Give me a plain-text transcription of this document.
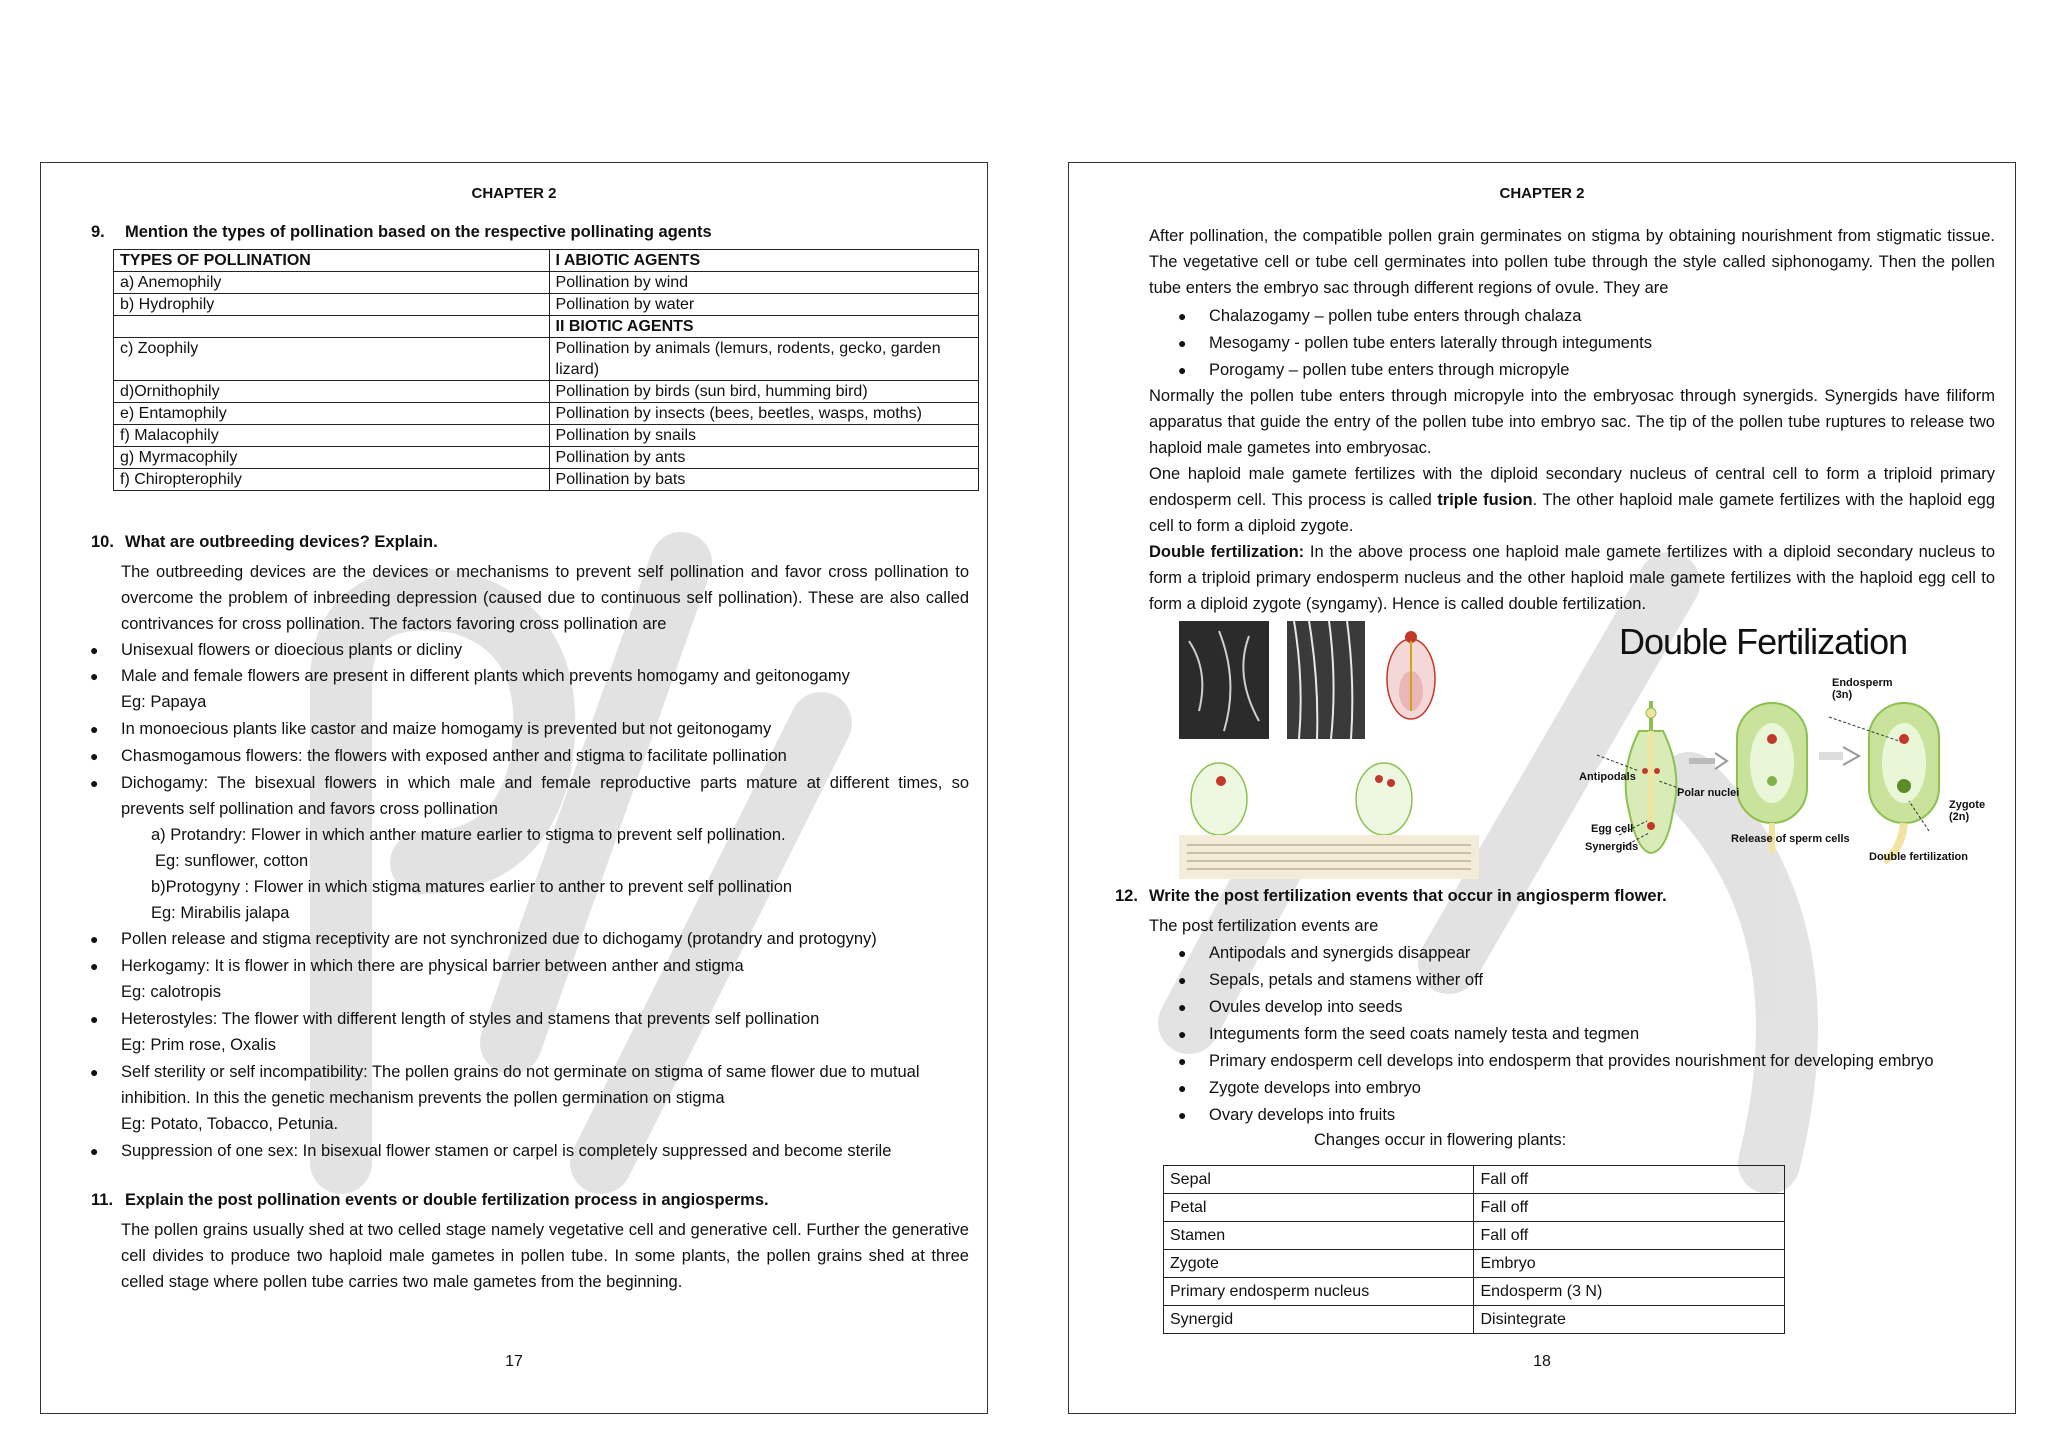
CHAPTER 2
9. Mention the types of pollination based on the respective pollinating agents
TYPES OF POLLINATION	I ABIOTIC AGENTS
a) Anemophily	Pollination by wind
b) Hydrophily	Pollination by water
	II BIOTIC AGENTS
c) Zoophily	Pollination by animals (lemurs, rodents, gecko, garden lizard)
d)Ornithophily	Pollination by birds (sun bird, humming bird)
e) Entamophily	Pollination by insects (bees, beetles, wasps, moths)
f) Malacophily	Pollination by snails
g) Myrmacophily	Pollination by ants
f) Chiropterophily	Pollination by bats
10. What are outbreeding devices? Explain.
The outbreeding devices are the devices or mechanisms to prevent self pollination and favor cross pollination to overcome the problem of inbreeding depression (caused due to continuous self pollination). These are also called contrivances for cross pollination. The factors favoring cross pollination are
● Unisexual flowers or dioecious plants or dicliny
● Male and female flowers are present in different plants which prevents homogamy and geitonogamy
Eg: Papaya
● In monoecious plants like castor and maize homogamy is prevented but not geitonogamy
● Chasmogamous flowers: the flowers with exposed anther and stigma to facilitate pollination
● Dichogamy: The bisexual flowers in which male and female reproductive parts mature at different times, so
prevents self pollination and favors cross pollination
a) Protandry: Flower in which anther mature earlier to stigma to prevent self pollination.
Eg: sunflower, cotton
b)Protogyny : Flower in which stigma matures earlier to anther to prevent self pollination
Eg: Mirabilis jalapa
● Pollen release and stigma receptivity are not synchronized due to dichogamy (protandry and protogyny)
● Herkogamy: It is flower in which there are physical barrier between anther and stigma
Eg: calotropis
● Heterostyles: The flower with different length of styles and stamens that prevents self pollination
Eg: Prim rose, Oxalis
● Self sterility or self incompatibility: The pollen grains do not germinate on stigma of same flower due to mutual
inhibition. In this the genetic mechanism prevents the pollen germination on stigma
Eg: Potato, Tobacco, Petunia.
● Suppression of one sex: In bisexual flower stamen or carpel is completely suppressed and become sterile
11. Explain the post pollination events or double fertilization process in angiosperms.
The pollen grains usually shed at two celled stage namely vegetative cell and generative cell. Further the generative cell divides to produce two haploid male gametes in pollen tube. In some plants, the pollen grains shed at three celled stage where pollen tube carries two male gametes from the beginning.
17
CHAPTER 2
After pollination, the compatible pollen grain germinates on stigma by obtaining nourishment from stigmatic tissue. The vegetative cell or tube cell germinates into pollen tube through the style called siphonogamy. Then the pollen tube enters the embryo sac through different regions of ovule. They are
● Chalazogamy – pollen tube enters through chalaza
● Mesogamy - pollen tube enters laterally through integuments
● Porogamy – pollen tube enters through micropyle
Normally the pollen tube enters through micropyle into the embryosac through synergids. Synergids have filiform apparatus that guide the entry of the pollen tube into embryo sac. The tip of the pollen tube ruptures to release two haploid male gametes into embryosac.
One haploid male gamete fertilizes with the diploid secondary nucleus of central cell to form a triploid primary endosperm cell. This process is called triple fusion. The other haploid male gamete fertilizes with the haploid egg cell to form a diploid zygote.
Double fertilization: In the above process one haploid male gamete fertilizes with a diploid secondary nucleus to form a triploid primary endosperm nucleus and the other haploid male gamete fertilizes with the haploid egg cell to form a diploid zygote (syngamy). Hence is called double fertilization.
Double Fertilization
Endosperm
(3n)
Antipodals
Polar nuclei
Egg cell
Synergids
Release of sperm cells
Zygote
(2n)
Double fertilization
12. Write the post fertilization events that occur in angiosperm flower.
The post fertilization events are
● Antipodals and synergids disappear
● Sepals, petals and stamens wither off
● Ovules develop into seeds
● Integuments form the seed coats namely testa and tegmen
● Primary endosperm cell develops into endosperm that provides nourishment for developing embryo
● Zygote develops into embryo
● Ovary develops into fruits
Changes occur in flowering plants:
Sepal	Fall off
Petal	Fall off
Stamen	Fall off
Zygote	Embryo
Primary endosperm nucleus	Endosperm (3 N)
Synergid	Disintegrate
18
